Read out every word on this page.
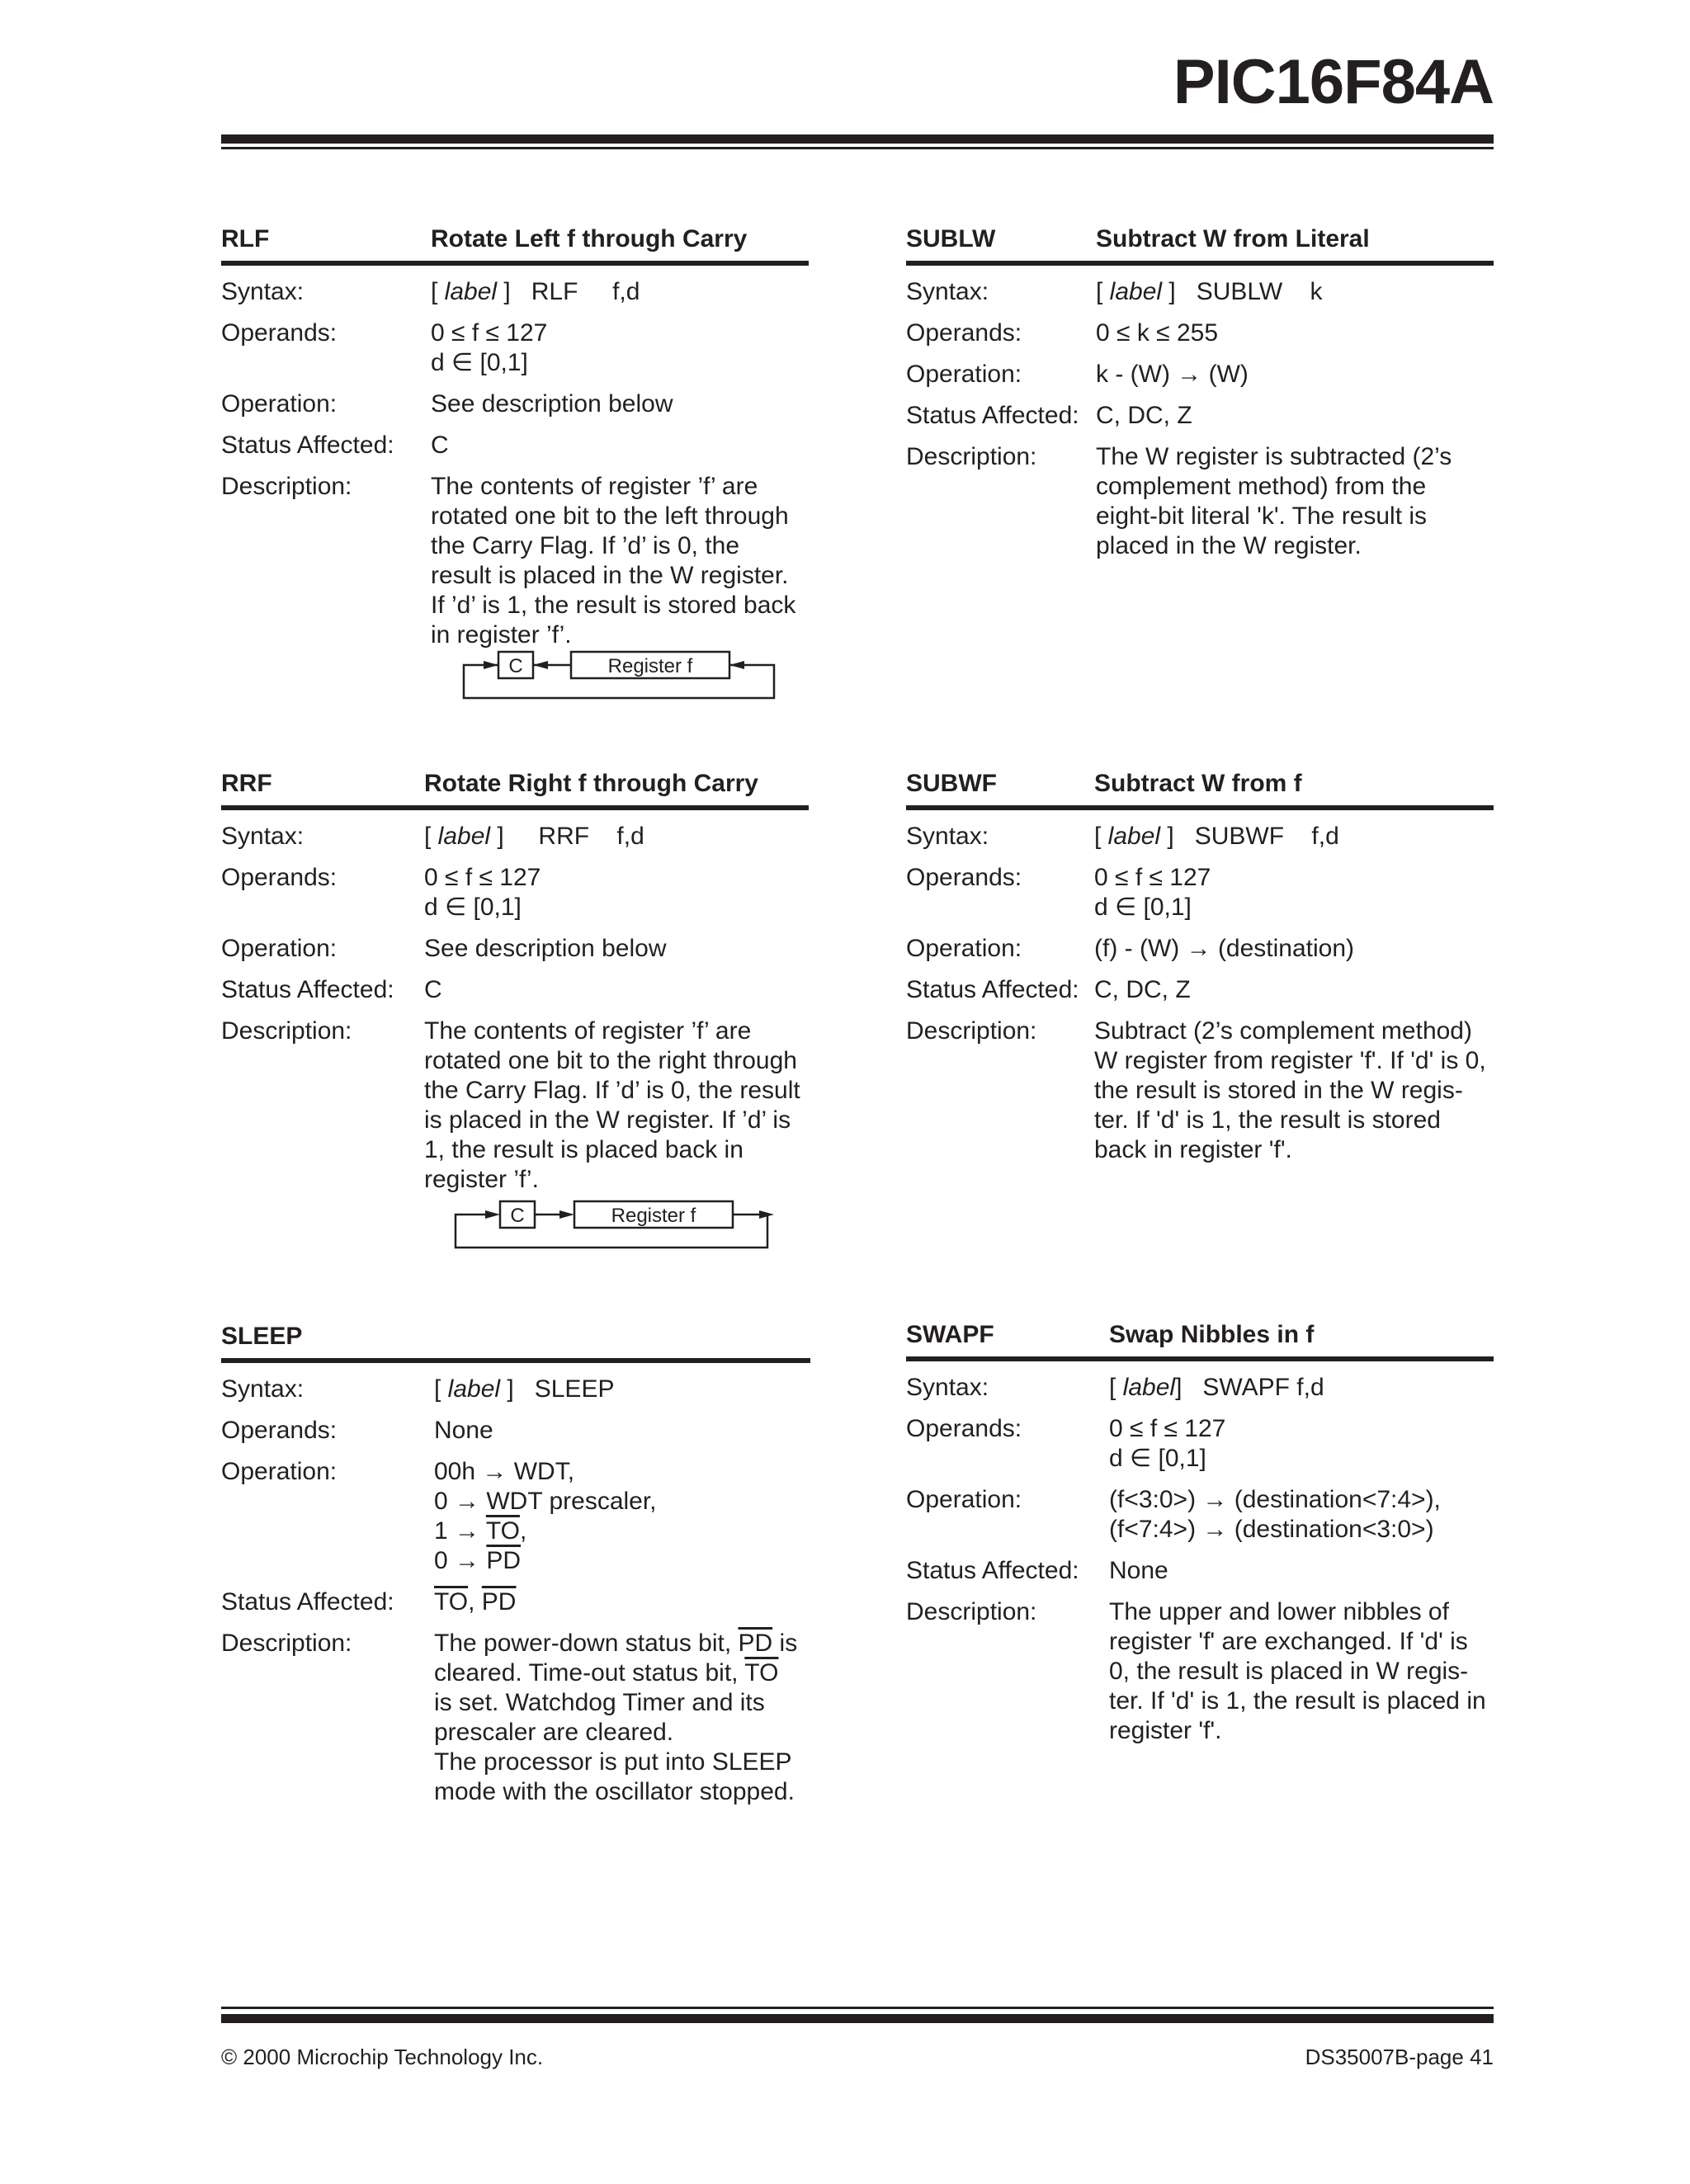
PIC16F84A
RLF	Rotate Left f through Carry
Syntax:	[ label ]   RLF     f,d
Operands:	0 ≤ f ≤ 127
d ∈ [0,1]
Operation:	See description below
Status Affected: C
Description:	The contents of register ’f’ are
rotated one bit to the left through
the Carry Flag. If ’d’ is 0, the
result is placed in the W register.
If ’d’ is 1, the result is stored back
in register ’f’.
C	Register f
RRF	Rotate Right f through Carry
Syntax:	[ label ]     RRF    f,d
Operands:	0 ≤ f ≤ 127
d ∈ [0,1]
Operation:	See description below
Status Affected: C
Description:	The contents of register ’f’ are
rotated one bit to the right through
the Carry Flag. If ’d’ is 0, the result
is placed in the W register. If ’d’ is
1, the result is placed back in
register ’f’.
C	Register f
SLEEP
Syntax:	[ label ]   SLEEP
Operands:	None
Operation:	00h → WDT,
0 → WDT prescaler,
$1 \to \overline{TO}$,
$0 \to \overline{PD}$
Status Affected: $\overline{TO}$, $\overline{PD}$
Description:	The power-down status bit, $\overline{PD}$ is
cleared. Time-out status bit, $\overline{TO}$
is set. Watchdog Timer and its
prescaler are cleared.
The processor is put into SLEEP
mode with the oscillator stopped.
SUBLW	Subtract W from Literal
Syntax:	[ label ]   SUBLW    k
Operands:	0 ≤ k ≤ 255
Operation:	k - (W) → (W)
Status Affected: C, DC, Z
Description: The W register is subtracted (2’s
complement method) from the
eight-bit literal 'k'. The result is
placed in the W register.
SUBWF	Subtract W from f
Syntax:	[ label ]   SUBWF    f,d
Operands:	0 ≤ f ≤ 127
d ∈ [0,1]
Operation:	(f) - (W) → (destination)
Status Affected: C, DC, Z
Description: Subtract (2’s complement method)
W register from register 'f'. If 'd' is 0,
the result is stored in the W regis-
ter. If 'd' is 1, the result is stored
back in register 'f'.
SWAPF	Swap Nibbles in f
Syntax:	[ label]   SWAPF f,d
Operands:	0 ≤ f ≤ 127
d ∈ [0,1]
Operation:	(f<3:0>) → (destination<7:4>),
(f<7:4>) → (destination<3:0>)
Status Affected: None
Description:	The upper and lower nibbles of
register 'f' are exchanged. If 'd' is
0, the result is placed in W regis-
ter. If 'd' is 1, the result is placed in
register 'f'.
© 2000 Microchip Technology Inc.	DS35007B-page 41
